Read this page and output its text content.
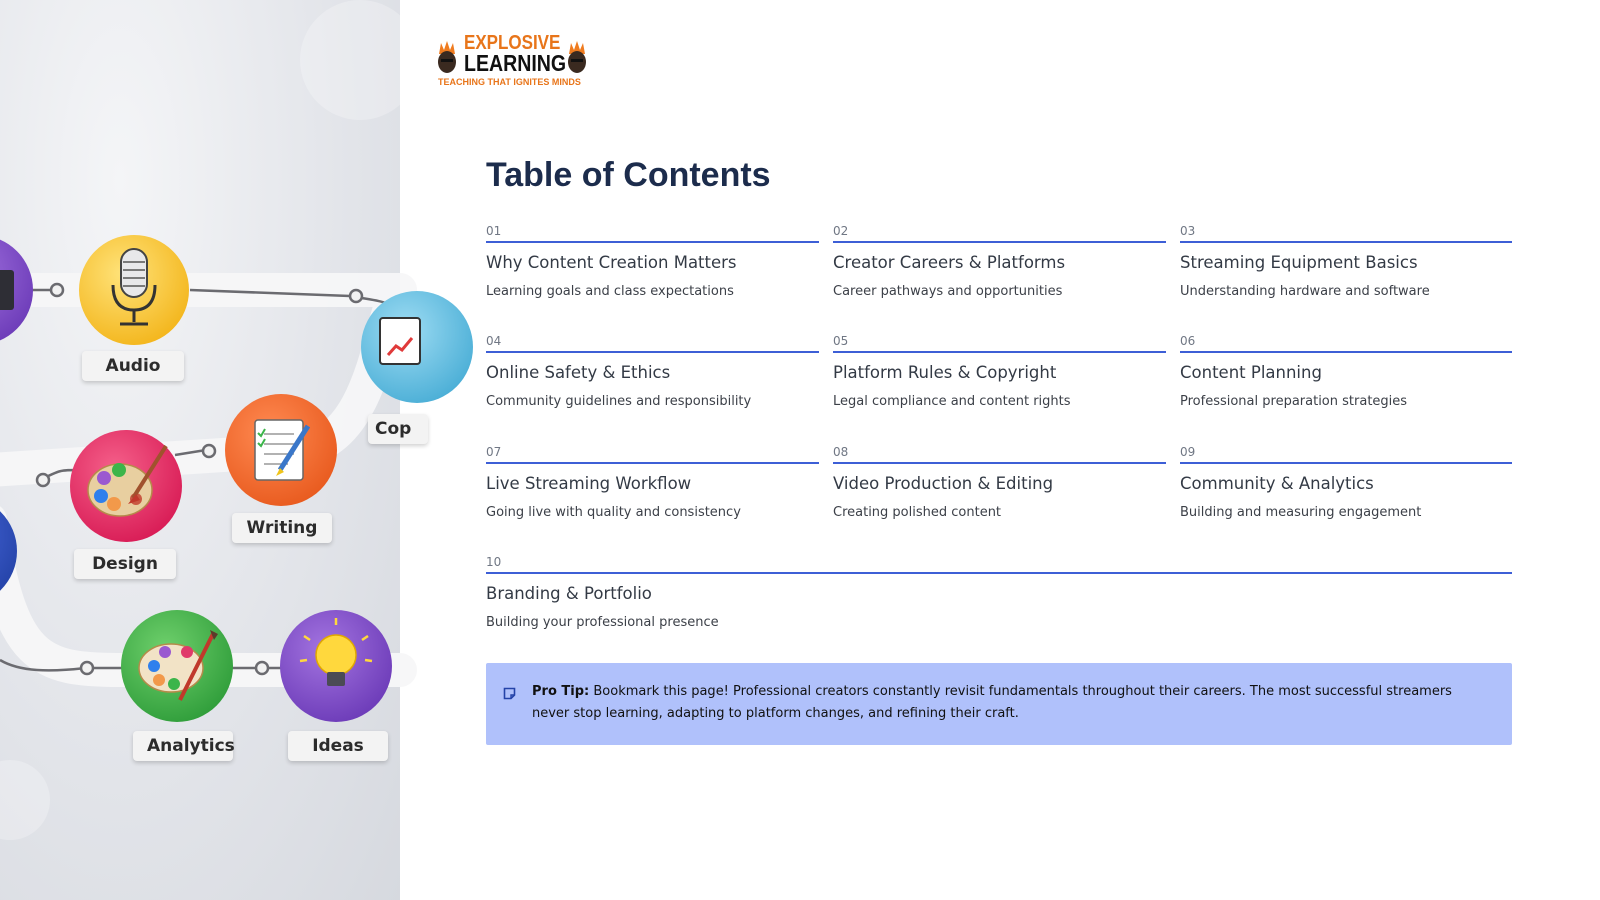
Audio
Design
Writing
Analytics	Ideas
Cop
EXPLOSIVE
LEARNING
TEACHING THAT IGNITES MINDS
Table of Contents
01
Why Content Creation Matters
Learning goals and class expectations
02
Creator Careers & Platforms
Career pathways and opportunities
03
Streaming Equipment Basics
Understanding hardware and software
04
Online Safety & Ethics
Community guidelines and responsibility
05
Platform Rules & Copyright
Legal compliance and content rights
06
Content Planning
Professional preparation strategies
07
Live Streaming Workflow
Going live with quality and consistency
08
Video Production & Editing
Creating polished content
09
Community & Analytics
Building and measuring engagement
10
Branding & Portfolio
Building your professional presence
Pro Tip: Bookmark this page! Professional creators constantly revisit fundamentals throughout their careers. The most successful streamers never stop learning, adapting to platform changes, and refining their craft.
